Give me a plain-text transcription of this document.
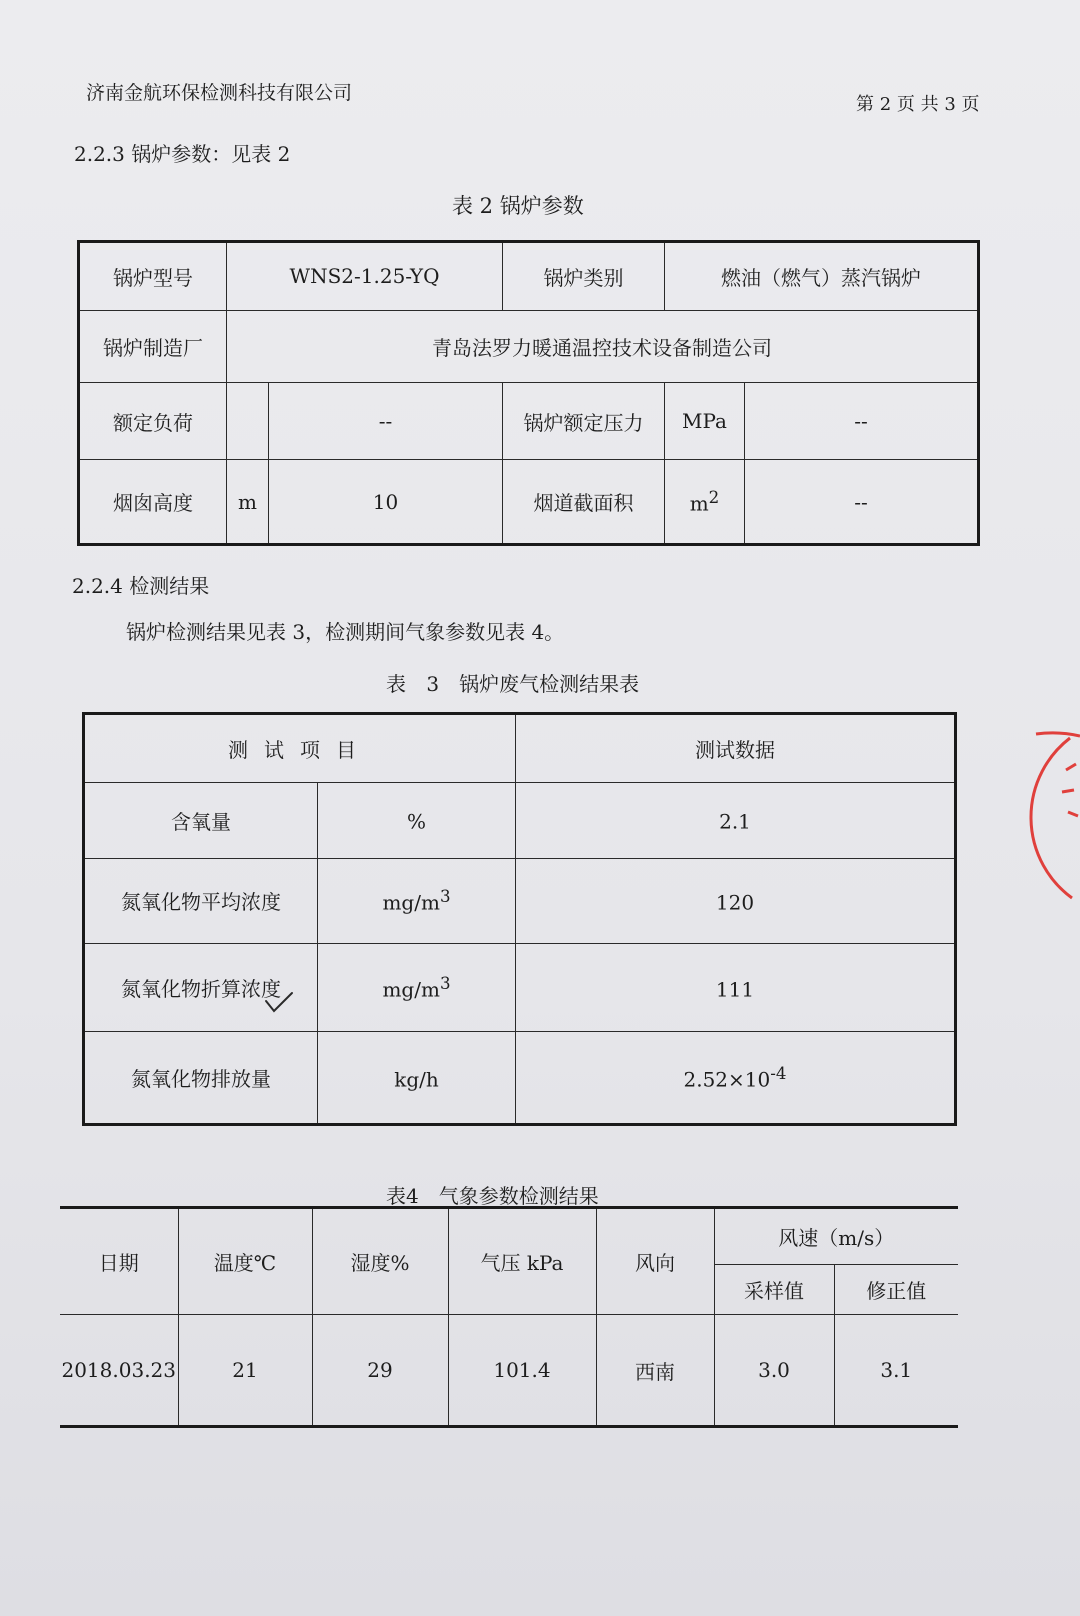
济南金航环保检测科技有限公司
第 2 页 共 3 页
2.2.3 锅炉参数：见表 2
表 2 锅炉参数
锅炉型号	WNS2-1.25-YQ		锅炉类别	燃油（燃气）蒸汽锅炉	
锅炉制造厂	青岛法罗力暖通温控技术设备制造公司				
额定负荷		--	锅炉额定压力	MPa	--
烟囱高度	m	10	烟道截面积	$m^2$	--
2.2.4 检测结果
锅炉检测结果见表 3，检测期间气象参数见表 4。
表 3　锅炉废气检测结果表
测试项目		测试数据
含氧量	%	2.1
氮氧化物平均浓度	$mg/m^3$	120
氮氧化物折算浓度	$mg/m^3$	111
氮氧化物排放量	kg/h	$2.52\times 10^{-4}$
表4　气象参数检测结果
日期	温度℃	湿度%	气压 kPa	风向	风速（m/s）	
					采样值	修正值
2018.03.23	21	29	101.4	西南	3.0	3.1
